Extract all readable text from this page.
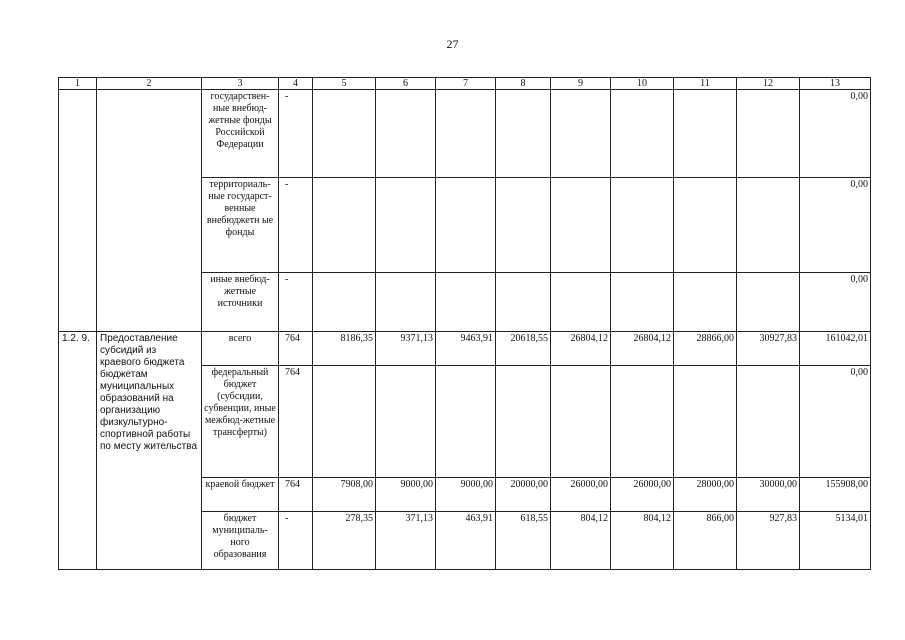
27
1	2	3	4	5	6	7	8	9	10	11	12	13
		государствен-ные внебюд-жетные фонды Российской Федерации	-									0,00
		территориаль-ные государст-венные внебюджетн ые фонды	-									0,00
		иные внебюд-жетные источники	-									0,00
1.2. 9.	Предоставление субсидий из краевого бюджета бюджетам муниципальных образований на организацию физкультурно-спортивной работы по месту жительства	всего	764	8186,35	9371,13	9463,91	20618,55	26804,12	26804,12	28866,00	30927,83	161042,01
		федеральный бюджет (субсидии, субвенции, иные межбюд-жетные трансферты)	764									0,00
		краевой бюджет	764	7908,00	9000,00	9000,00	20000,00	26000,00	26000,00	28000,00	30000,00	155908,00
		бюджет муниципаль-ного образования	-	278,35	371,13	463,91	618,55	804,12	804,12	866,00	927,83	5134,01
